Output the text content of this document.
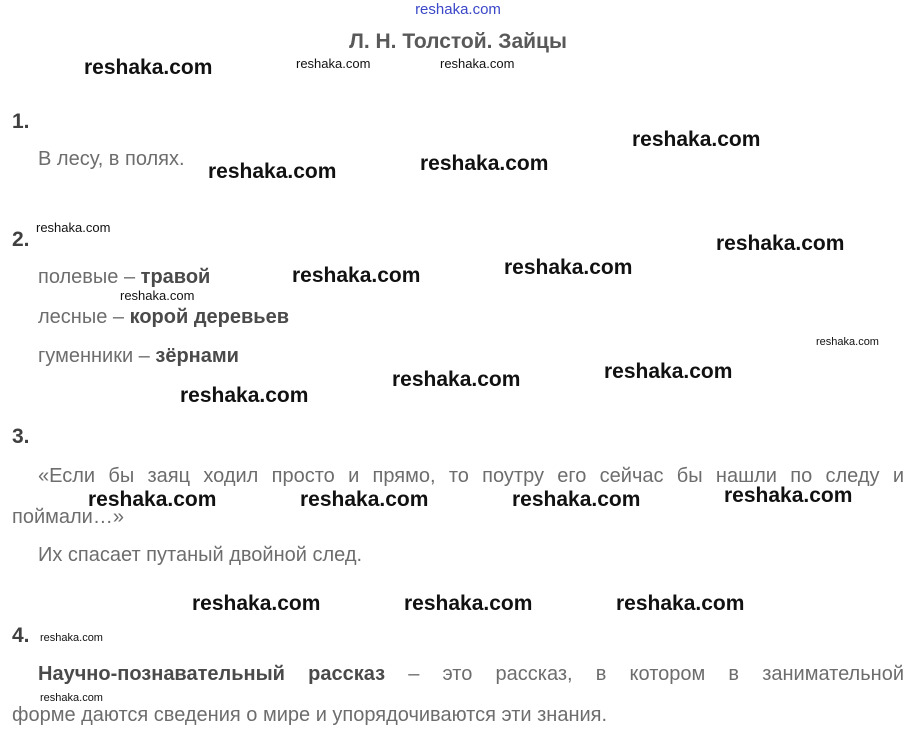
reshaka.com
Л. Н. Толстой. Зайцы
1.
В лесу, в полях.
2.
полевые – травой
лесные – корой деревьев
гуменники – зёрнами
3.
«Если бы заяц ходил просто и прямо, то поутру его сейчас бы нашли по следу и
поймали…»
Их спасает путаный двойной след.
4.
Научно-познавательный рассказ – это рассказ, в котором в занимательной
форме даются сведения о мире и упорядочиваются эти знания.
reshaka.com	reshaka.com	reshaka.com
reshaka.com
reshaka.com	reshaka.com
reshaka.com
reshaka.com
reshaka.com	reshaka.com
reshaka.com
reshaka.com
reshaka.com
reshaka.com
reshaka.com
reshaka.com
reshaka.com	reshaka.com	reshaka.com
reshaka.com	reshaka.com	reshaka.com
reshaka.com
reshaka.com
